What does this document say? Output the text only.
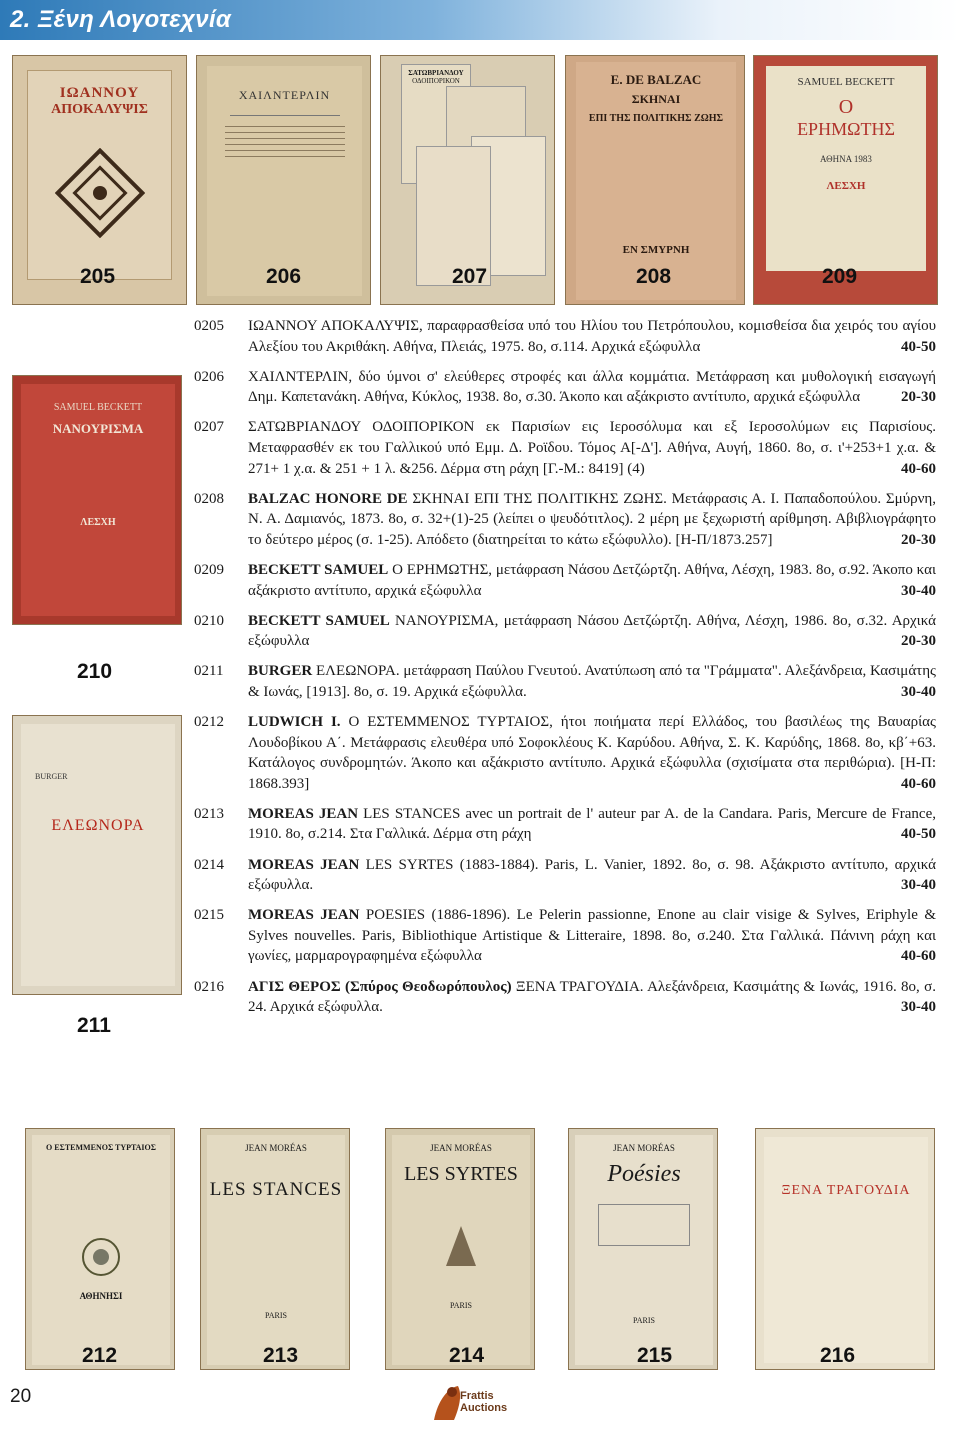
2. Ξένη Λογοτεχνία
ΙΩΑΝΝΟΥ
ΑΠΟΚΑΛΥΨΙΣ
205
ΧΑΙΛΝΤΕΡΛΙΝ
206
ΣΑΤΩΒΡΙΑΝΔΟΥ
ΟΔΟΙΠΟΡΙΚΟΝ
207
Ε. DE BALZAC
ΣΚΗΝΑΙ
ΕΠΙ ΤΗΣ ΠΟΛΙΤΙΚΗΣ ΖΩΗΣ
ΕΝ ΣΜΥΡΝΗ
208
SAMUEL BECKETT
Ο
ΕΡΗΜΩΤΗΣ
ΑΘΗΝΑ 1983
ΛΕΣΧΗ
209
SAMUEL BECKETT
ΝΑΝΟΥΡΙΣΜΑ
ΛΕΣΧΗ
210
BURGER
ΕΛΕΩΝΟΡΑ
211
0205	ΙΩΑΝΝΟΥ ΑΠΟΚΑΛΥΨΙΣ, παραφρασθείσα υπό του Ηλίου του Πετρόπουλου, κομισθείσα δια χειρός του αγίου Αλεξίου του Ακριθάκη. Αθήνα, Πλειάς, 1975. 8ο, σ.114. Αρχικά εξώφυλλα	40-50
0206	ΧΑΙΛΝΤΕΡΛΙΝ, δύο ύμνοι σ' ελεύθερες στροφές και άλλα κομμάτια. Μετάφραση και μυθολογική εισαγωγή Δημ. Καπετανάκη. Αθήνα, Κύκλος, 1938. 8ο, σ.30. Άκοπο και αξάκριστο αντίτυπο, αρχικά εξώφυλλα	20-30
0207	ΣΑΤΩΒΡΙΑΝΔΟΥ ΟΔΟΙΠΟΡΙΚΟΝ εκ Παρισίων εις Ιεροσόλυμα και εξ Ιεροσολύμων εις Παρισίους. Μεταφρασθέν εκ του Γαλλικού υπό Εμμ. Δ. Ροϊδου. Τόμος Α[-Δ']. Αθήνα, Αυγή, 1860. 8ο, σ. ι'+253+1 χ.α. & 271+ 1 χ.α. & 251 + 1 λ. &256. Δέρμα στη ράχη [Γ.-Μ.: 8419] (4)	40-60
0208	BALZAC HONORE DE ΣΚΗΝΑΙ ΕΠΙ ΤΗΣ ΠΟΛΙΤΙΚΗΣ ΖΩΗΣ. Μετάφρασις Α. Ι. Παπαδοπούλου. Σμύρνη, Ν. Α. Δαμιανός, 1873. 8ο, σ. 32+(1)-25 (λείπει ο ψευδότιτλος). 2 μέρη με ξεχωριστή αρίθμηση. Αβιβλιογράφητο το δεύτερο μέρος (σ. 1-25). Απόδετο (διατηρείται το κάτω εξώφυλλο). [Η-Π/1873.257]	20-30
0209	BECKETT SAMUEL Ο ΕΡΗΜΩΤΗΣ, μετάφραση Νάσου Δετζώρτζη. Αθήνα, Λέσχη, 1983. 8ο, σ.92. Άκοπο και αξάκριστο αντίτυπο, αρχικά εξώφυλλα	30-40
0210	BECKETT SAMUEL ΝΑΝΟΥΡΙΣΜΑ, μετάφραση Νάσου Δετζώρτζη. Αθήνα, Λέσχη, 1986. 8ο, σ.32. Αρχικά εξώφυλλα	20-30
0211	BURGER ΕΛΕΩΝΟΡΑ. μετάφραση Παύλου Γνευτού. Ανατύπωση από τα "Γράμματα". Αλεξάνδρεια, Κασιμάτης & Ιωνάς, [1913]. 8ο, σ. 19. Αρχικά εξώφυλλα.	30-40
0212	LUDWICH I. Ο ΕΣΤΕΜΜΕΝΟΣ ΤΥΡΤΑΙΟΣ, ήτοι ποιήματα περί Ελλάδος, του βασιλέως της Βαυαρίας Λουδοβίκου Α΄. Μετάφρασις ελευθέρα υπό Σοφοκλέους Κ. Καρύδου. Αθήνα, Σ. Κ. Καρύδης, 1868. 8ο, κβ΄+63. Κατάλογος συνδρομητών. Άκοπο και αξάκριστο αντίτυπο. Αρχικά εξώφυλλα (σχισίματα στα περιθώρια). [Η-Π: 1868.393]	40-60
0213	MOREAS JEAN LES STANCES avec un portrait de l' auteur par A. de la Candara. Paris, Mercure de France, 1910. 8ο, σ.214. Στα Γαλλικά. Δέρμα στη ράχη	40-50
0214	MOREAS JEAN LES SYRTES (1883-1884). Paris, L. Vanier, 1892. 8ο, σ. 98. Αξάκριστο αντίτυπο, αρχικά εξώφυλλα.	30-40
0215	MOREAS JEAN POESIES (1886-1896). Le Pelerin passionne, Enone au clair visige & Sylves, Eriphyle & Sylves nouvelles. Paris, Bibliothique Artistique & Litteraire, 1898. 8ο, σ.240. Στα Γαλλικά. Πάνινη ράχη και γωνίες, μαρμαρογραφημένα εξώφυλλα	40-60
0216	ΑΓΙΣ ΘΕΡΟΣ (Σπύρος Θεοδωρόπουλος) ΞΕΝΑ ΤΡΑΓΟΥΔΙΑ. Αλεξάνδρεια, Κασιμάτης & Ιωνάς, 1916. 8ο, σ. 24. Αρχικά εξώφυλλα.	30-40
Ο ΕΣΤΕΜΜΕΝΟΣ ΤΥΡΤΑΙΟΣ
ΑΘΗΝΗΣΙ
212
JEAN MORÉAS
LES STANCES
PARIS
213
JEAN MORÉAS
LES SYRTES
PARIS
214
JEAN MORÉAS
Poésies
PARIS
215
ΞΕΝΑ ΤΡΑΓΟΥΔΙΑ
216
20	Frattis
Auctions
